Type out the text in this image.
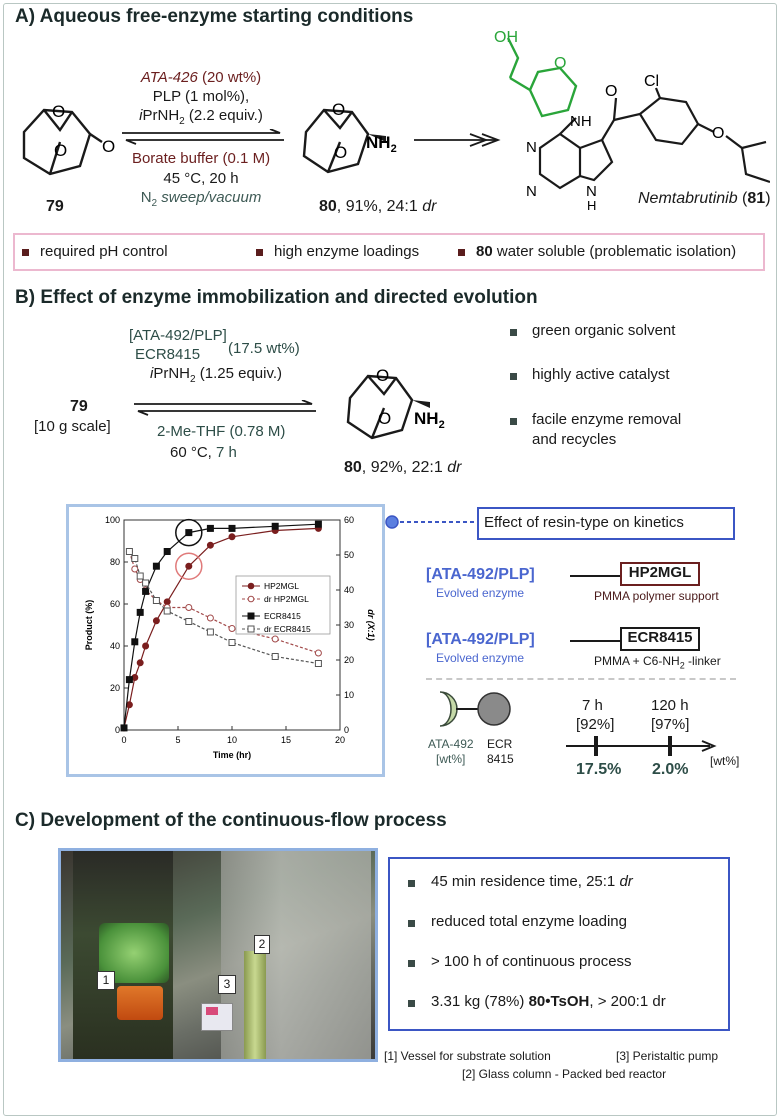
A) Aqueous free-enzyme starting conditions
O
O O
79
ATA-426 (20 wt%)
PLP (1 mol%),
iPrNH$_2$ (2.2 equiv.)
Borate buffer (0.1 M)
45 °C, 20 h
$N_2$ sweep/vacuum
O
O
$NH_2$
80, 91%, 24:1 dr
OH
O
NH
O
Cl
O
N
N	N
H	Nemtabrutinib (81)
required pH control	high enzyme loadings	80 water soluble (problematic isolation)
B) Effect of enzyme immobilization and directed evolution
[ATA-492/PLP]
ECR8415 (17.5 wt%)
iPrNH$_2$ (1.25 equiv.)
79
[10 g scale]	2-Me-THF (0.78 M)
60 °C, 7 h
O
O $NH_2$
80, 92%, 22:1 dr
green organic solvent
highly active catalyst
facile enzyme removal
and recycles
0	5	10	15	20
0
20
40
60
80
100
0
10
20
30
40
50
60
Time (hr)
Product (%)	dr (X:1)
HP2MGL
dr HP2MGL
ECR8415
dr ECR8415
Effect of resin-type on kinetics
[ATA-492/PLP]
Evolved enzyme
HP2MGL
PMMA polymer support
[ATA-492/PLP]
Evolved enzyme
ECR8415
PMMA + $C6-NH_2$ -linker
ATA-492
[wt%]
ECR
8415
7 h
[92%]
120 h
[97%]
17.5% 2.0% [wt%]
C) Development of the continuous-flow process
1
2
3
45 min residence time, 25:1 dr
reduced total enzyme loading
> 100 h of continuous process
3.31 kg (78%) 80•TsOH, > 200:1 dr
[1] Vessel for substrate solution	[3] Peristaltic pump
[2] Glass column - Packed bed reactor
